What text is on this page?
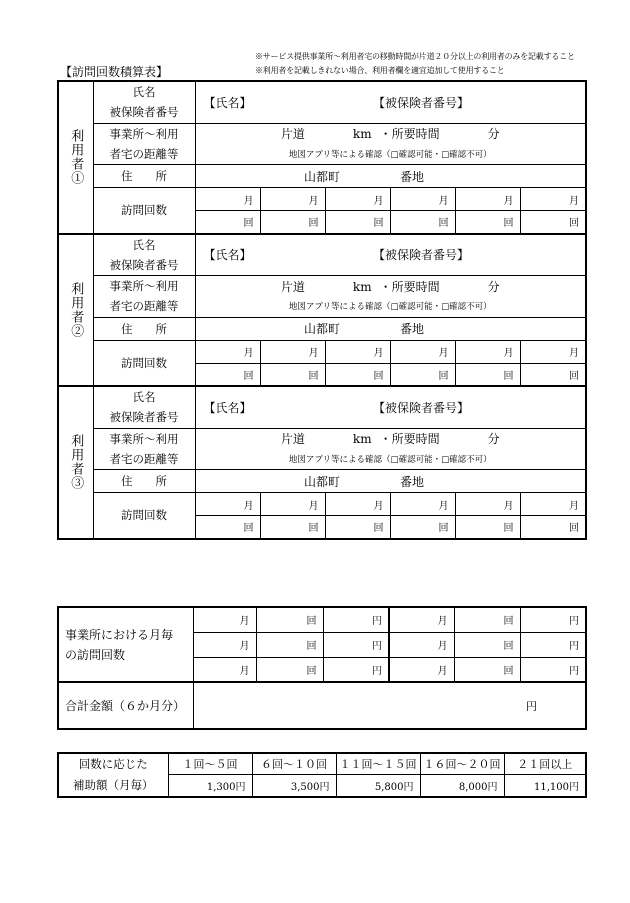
【訪問回数積算表】
※サービス提供事業所〜利用者宅の移動時間が片道２０分以上の利用者のみを記載すること
※利用者を記載しきれない場合、利用者欄を適宜追加して使用すること
利用者①	氏名	【氏名】		【被保険者番号】			
	被保険者番号						
	事業所〜利用	片道 km ・所要時間 分					
	者宅の距離等	地図アプリ等による確認（□確認可能・□確認不可）					
	住　　所	山都町			番地		
	訪問回数	月	月	月	月	月	月
		回	回	回	回	回	回
利用者②	氏名	【氏名】		【被保険者番号】			
	被保険者番号						
	事業所〜利用	片道 km ・所要時間 分					
	者宅の距離等	地図アプリ等による確認（□確認可能・□確認不可）					
	住　　所	山都町			番地		
	訪問回数	月	月	月	月	月	月
		回	回	回	回	回	回
利用者③	氏名	【氏名】		【被保険者番号】			
	被保険者番号						
	事業所〜利用	片道 km ・所要時間 分					
	者宅の距離等	地図アプリ等による確認（□確認可能・□確認不可）					
	住　　所	山都町			番地		
	訪問回数	月	月	月	月	月	月
		回	回	回	回	回	回
事業所における月毎
の訪問回数	月	回	円	月	回	円
	月	回	円	月	回	円
	月	回	円	月	回	円
合計金額（６か月分）	円					
回数に応じた	１回〜５回	６回〜１０回	１１回〜１５回	１６回〜２０回	２１回以上
補助額（月毎）	1,300円	3,500円	5,800円	8,000円	11,100円
